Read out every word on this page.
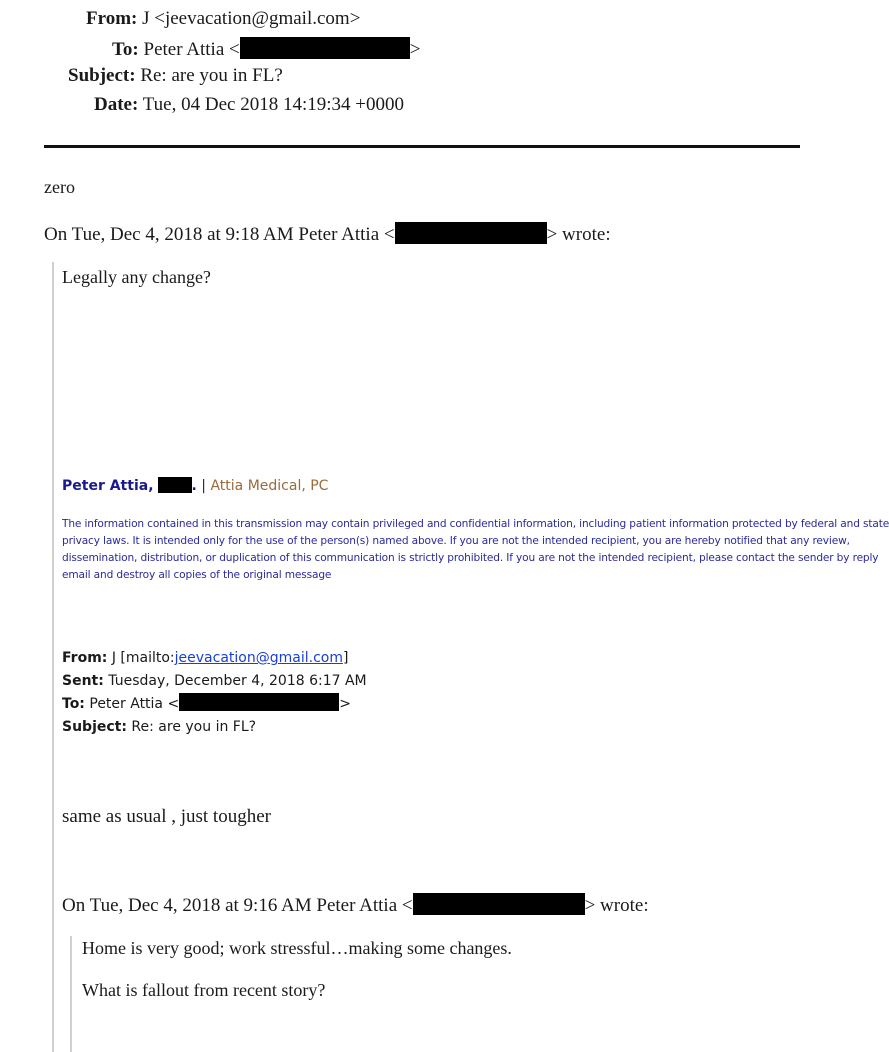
From: J <jeevacation@gmail.com>
To: Peter Attia <	>
Subject: Re: are you in FL?
Date: Tue, 04 Dec 2018 14:19:34 +0000
zero
On Tue, Dec 4, 2018 at 9:18 AM Peter Attia <	> wrote:
Legally any change?
Peter Attia,	. | Attia Medical, PC
The information contained in this transmission may contain privileged and confidential information, including patient information protected by federal and state
privacy laws. It is intended only for the use of the person(s) named above. If you are not the intended recipient, you are hereby notified that any review,
dissemination, distribution, or duplication of this communication is strictly prohibited. If you are not the intended recipient, please contact the sender by reply
email and destroy all copies of the original message
From: J [mailto:jeevacation@gmail.com]
Sent: Tuesday, December 4, 2018 6:17 AM
To: Peter Attia <	>
Subject: Re: are you in FL?
same as usual , just tougher
On Tue, Dec 4, 2018 at 9:16 AM Peter Attia <	> wrote:
Home is very good; work stressful…making some changes.
What is fallout from recent story?
